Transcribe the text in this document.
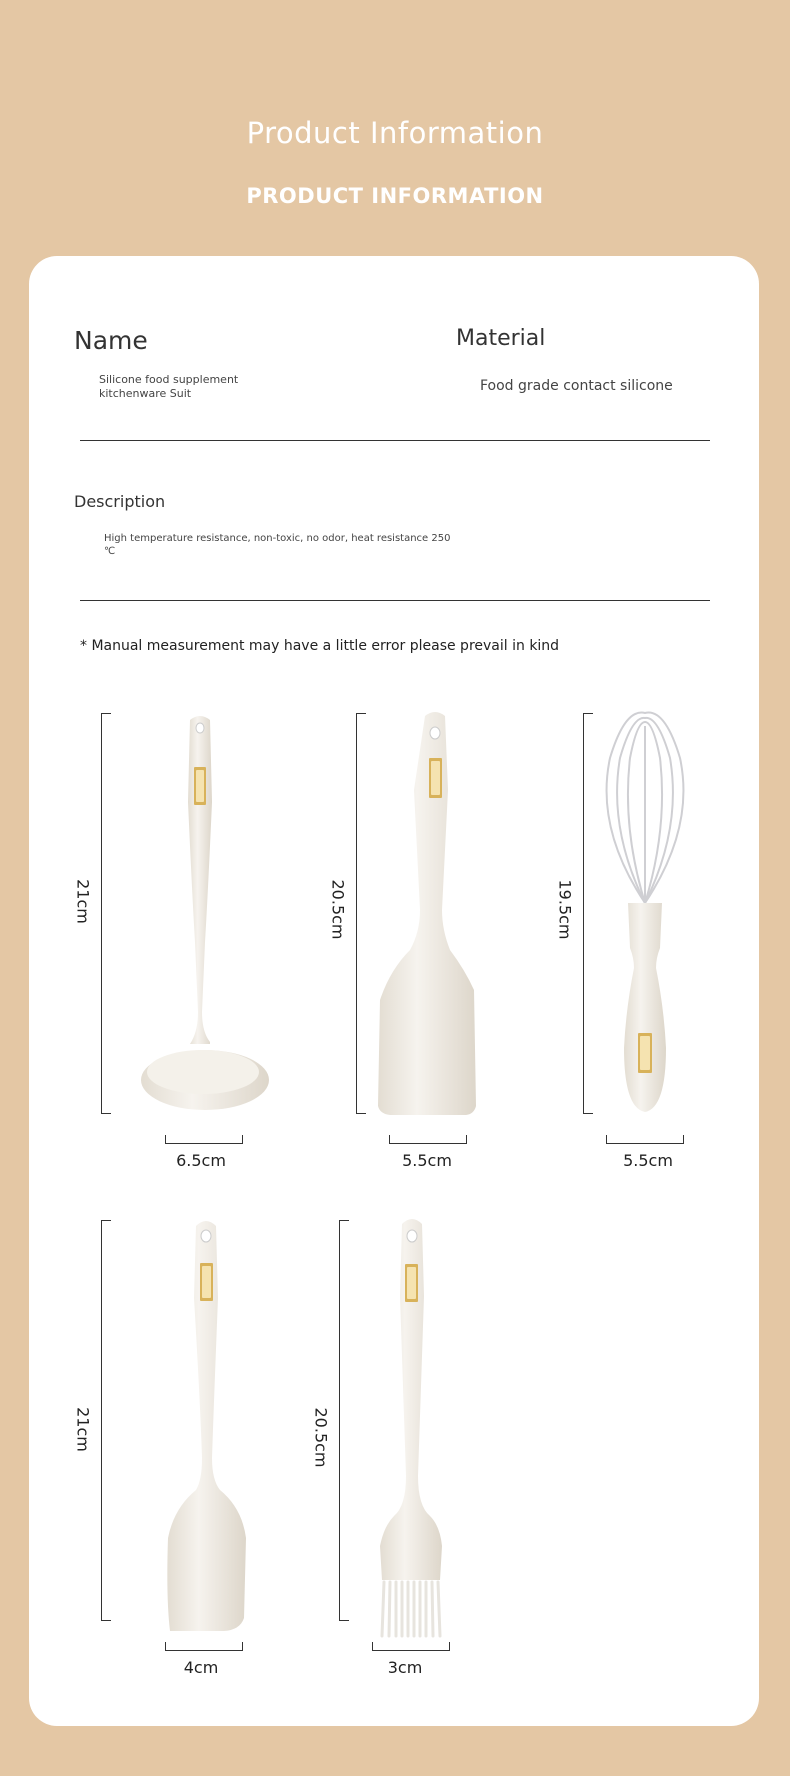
Product Information
PRODUCT INFORMATION
Name	Material
Silicone food supplement kitchenware Suit	Food grade contact silicone
Description
High temperature resistance, non-toxic, no odor, heat resistance 250 ℃
* Manual measurement may have a little error please prevail in kind
21cm
6.5cm
20.5cm
5.5cm
19.5cm
5.5cm
21cm
4cm
20.5cm
3cm
